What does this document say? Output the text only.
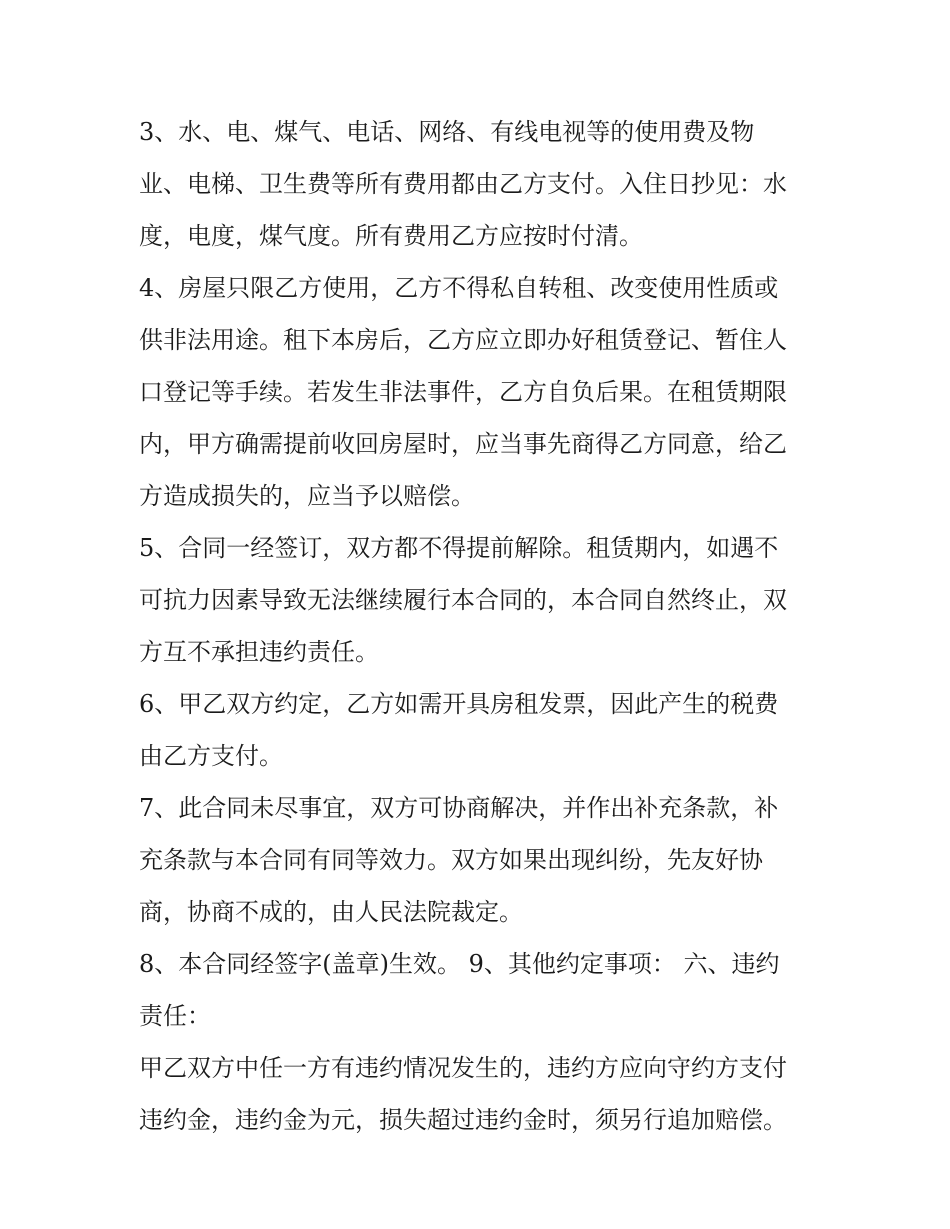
3、水、电、煤气、电话、网络、有线电视等的使用费及物
业、电梯、卫生费等所有费用都由乙方支付。入住日抄见：水
度，电度，煤气度。所有费用乙方应按时付清。
4、房屋只限乙方使用，乙方不得私自转租、改变使用性质或
供非法用途。租下本房后，乙方应立即办好租赁登记、暂住人
口登记等手续。若发生非法事件，乙方自负后果。在租赁期限
内，甲方确需提前收回房屋时，应当事先商得乙方同意，给乙
方造成损失的，应当予以赔偿。
5、合同一经签订，双方都不得提前解除。租赁期内，如遇不
可抗力因素导致无法继续履行本合同的，本合同自然终止，双
方互不承担违约责任。
6、甲乙双方约定，乙方如需开具房租发票，因此产生的税费
由乙方支付。
7、此合同未尽事宜，双方可协商解决，并作出补充条款，补
充条款与本合同有同等效力。双方如果出现纠纷，先友好协
商，协商不成的，由人民法院裁定。
8、本合同经签字(盖章)生效。 9、其他约定事项： 六、违约
责任：
甲乙双方中任一方有违约情况发生的，违约方应向守约方支付
违约金，违约金为元，损失超过违约金时，须另行追加赔偿。
